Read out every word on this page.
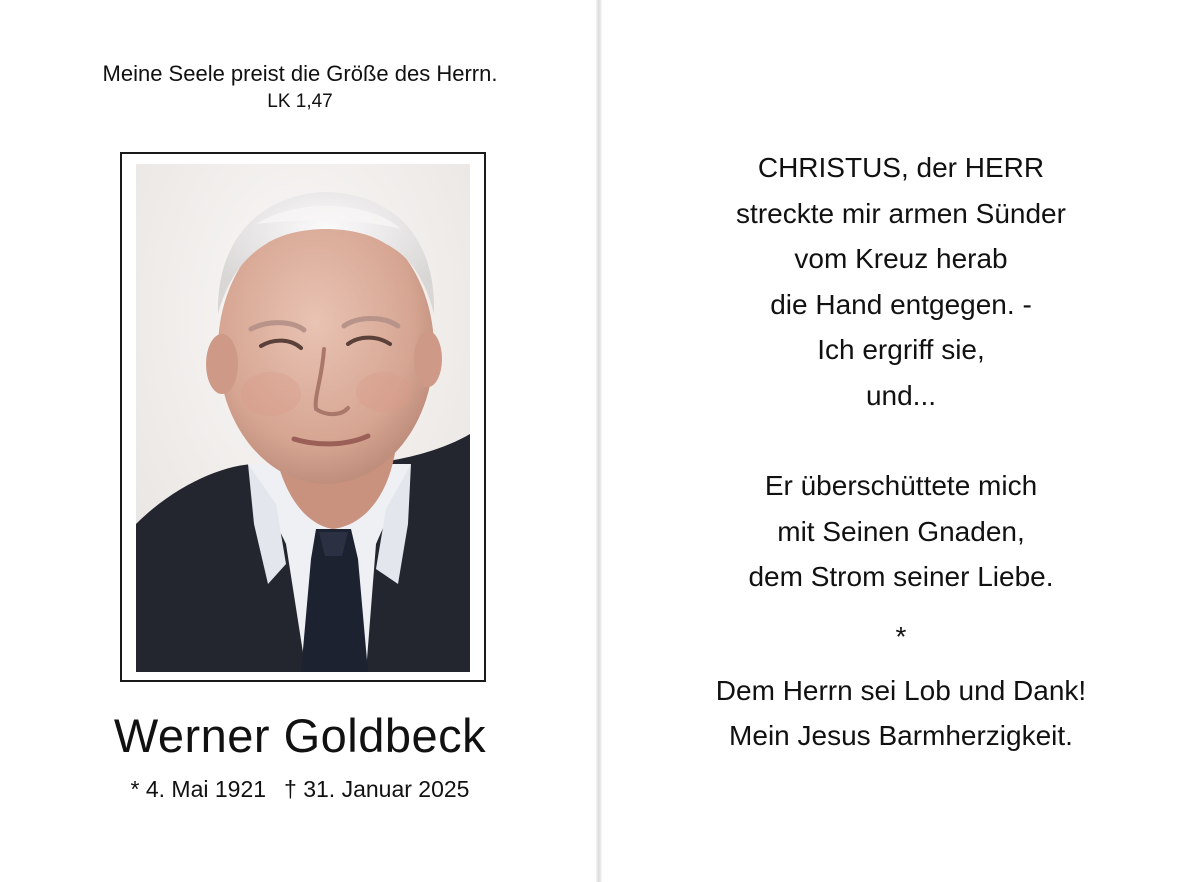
Meine Seele preist die Größe des Herrn.
LK 1,47
Werner Goldbeck
* 4. Mai 1921 † 31. Januar 2025

CHRISTUS, der HERR
streckte mir armen Sünder
vom Kreuz herab
die Hand entgegen. -
Ich ergriff sie,
und...

Er überschüttete mich
mit Seinen Gnaden,
dem Strom seiner Liebe.

*
Dem Herrn sei Lob und Dank!
Mein Jesus Barmherzigkeit.
